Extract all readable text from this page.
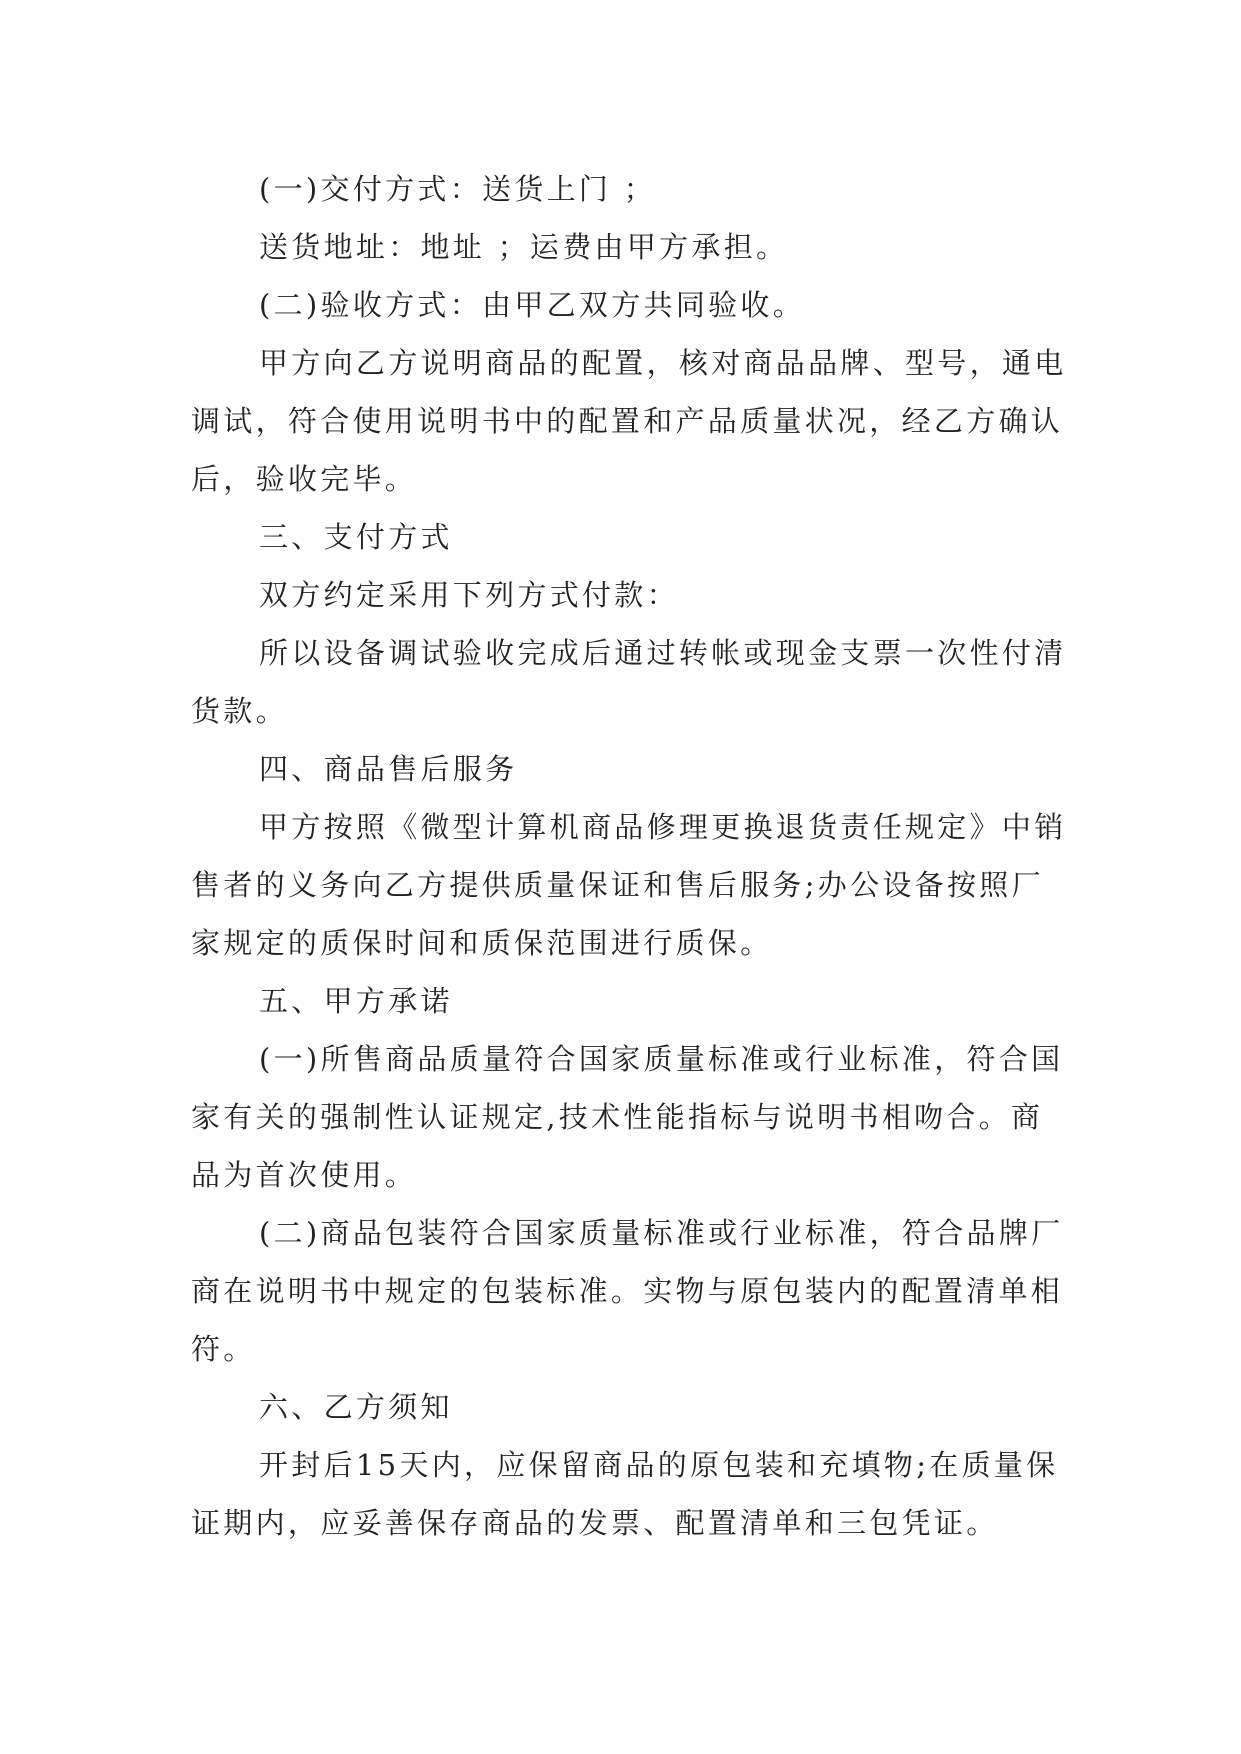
(一)交付方式：送货上门 ；

送货地址：地址 ；运费由甲方承担。

(二)验收方式：由甲乙双方共同验收。

甲方向乙方说明商品的配置，核对商品品牌、型号，通电调试，符合使用说明书中的配置和产品质量状况，经乙方确认后，验收完毕。

三、支付方式

双方约定采用下列方式付款：

所以设备调试验收完成后通过转帐或现金支票一次性付清货款。

四、商品售后服务

甲方按照《微型计算机商品修理更换退货责任规定》中销售者的义务向乙方提供质量保证和售后服务;办公设备按照厂家规定的质保时间和质保范围进行质保。

五、甲方承诺

(一)所售商品质量符合国家质量标准或行业标准，符合国家有关的强制性认证规定,技术性能指标与说明书相吻合。商品为首次使用。

(二)商品包装符合国家质量标准或行业标准，符合品牌厂商在说明书中规定的包装标准。实物与原包装内的配置清单相符。

六、乙方须知

开封后15天内，应保留商品的原包装和充填物;在质量保证期内，应妥善保存商品的发票、配置清单和三包凭证。
